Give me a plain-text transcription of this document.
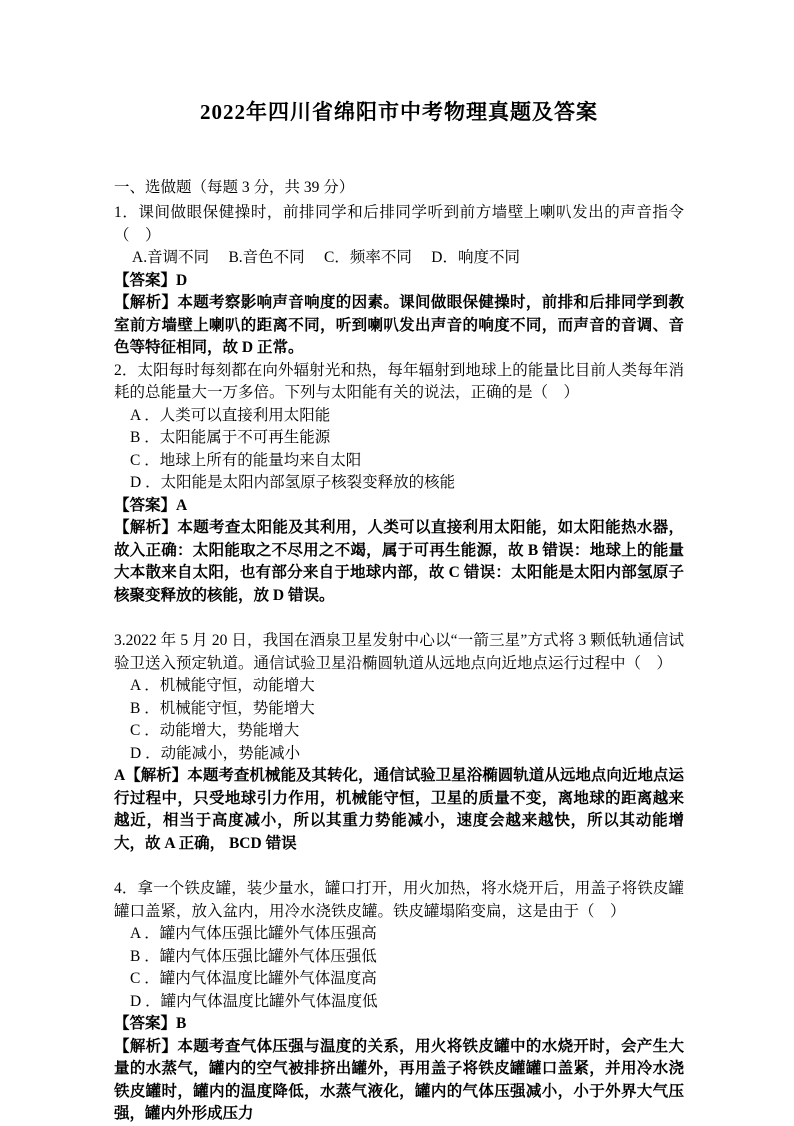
2022年四川省绵阳市中考物理真题及答案
一、选做题（每题 3 分，共 39 分）
1．课间做眼保健操时，前排同学和后排同学听到前方墙壁上喇叭发出的声音指令（　）
A.音调不同　 B.音色不同　 C．频率不同　 D．响度不同
【答案】D
【解析】本题考察影响声音响度的因素。课间做眼保健操时，前排和后排同学到教室前方墙壁上喇叭的距离不同，听到喇叭发出声音的响度不同，而声音的音调、音色等特征相同，故 D 正常。
2．太阳每时每刻都在向外辐射光和热，每年辐射到地球上的能量比目前人类每年消耗的总能量大一万多倍。下列与太阳能有关的说法，正确的是（　）
A ．人类可以直接利用太阳能
B ．太阳能属于不可再生能源
C ．地球上所有的能量均来自太阳
D ．太阳能是太阳内部氢原子核裂变释放的核能
【答案】A
【解析】本题考查太阳能及其利用，人类可以直接利用太阳能，如太阳能热水器，故入正确：太阳能取之不尽用之不竭，属于可再生能源，故 B 错误：地球上的能量大本散来自太阳，也有部分来自于地球内部，故 C 错误：太阳能是太阳内部氢原子核聚变释放的核能，放 D 错误。
3.2022 年 5 月 20 日，我国在酒泉卫星发射中心以“一箭三星”方式将 3 颗低轨通信试验卫送入预定轨道。通信试验卫星沿椭圆轨道从远地点向近地点运行过程中（　）
A ．机械能守恒，动能增大
B ．机械能守恒，势能增大
C ．动能增大，势能增大
D ．动能减小，势能减小
A【解析】本题考查机械能及其转化，通信试验卫星浴椭圆轨道从远地点向近地点运行过程中，只受地球引力作用，机械能守恒，卫星的质量不变，离地球的距离越来越近，相当于高度减小，所以其重力势能减小，速度会越来越快，所以其动能增大，故 A 正确， BCD 错误
4．拿一个铁皮罐，装少量水，罐口打开，用火加热，将水烧开后，用盖子将铁皮罐罐口盖紧，放入盆内，用冷水浇铁皮罐。铁皮罐塌陷变扁，这是由于（　）
A ．罐内气体压强比罐外气体压强高
B ．罐内气体压强比罐外气体压强低
C ．罐内气体温度比罐外气体温度高
D ．罐内气体温度比罐外气体温度低
【答案】B
【解析】本题考查气体压强与温度的关系，用火将铁皮罐中的水烧开时，会产生大量的水蒸气，罐内的空气被排挤出罐外，再用盖子将铁皮罐罐口盖紧，并用冷水浇铁皮罐时，罐内的温度降低，水蒸气液化，罐内的气体压强减小，小于外界大气压强，罐内外形成压力
